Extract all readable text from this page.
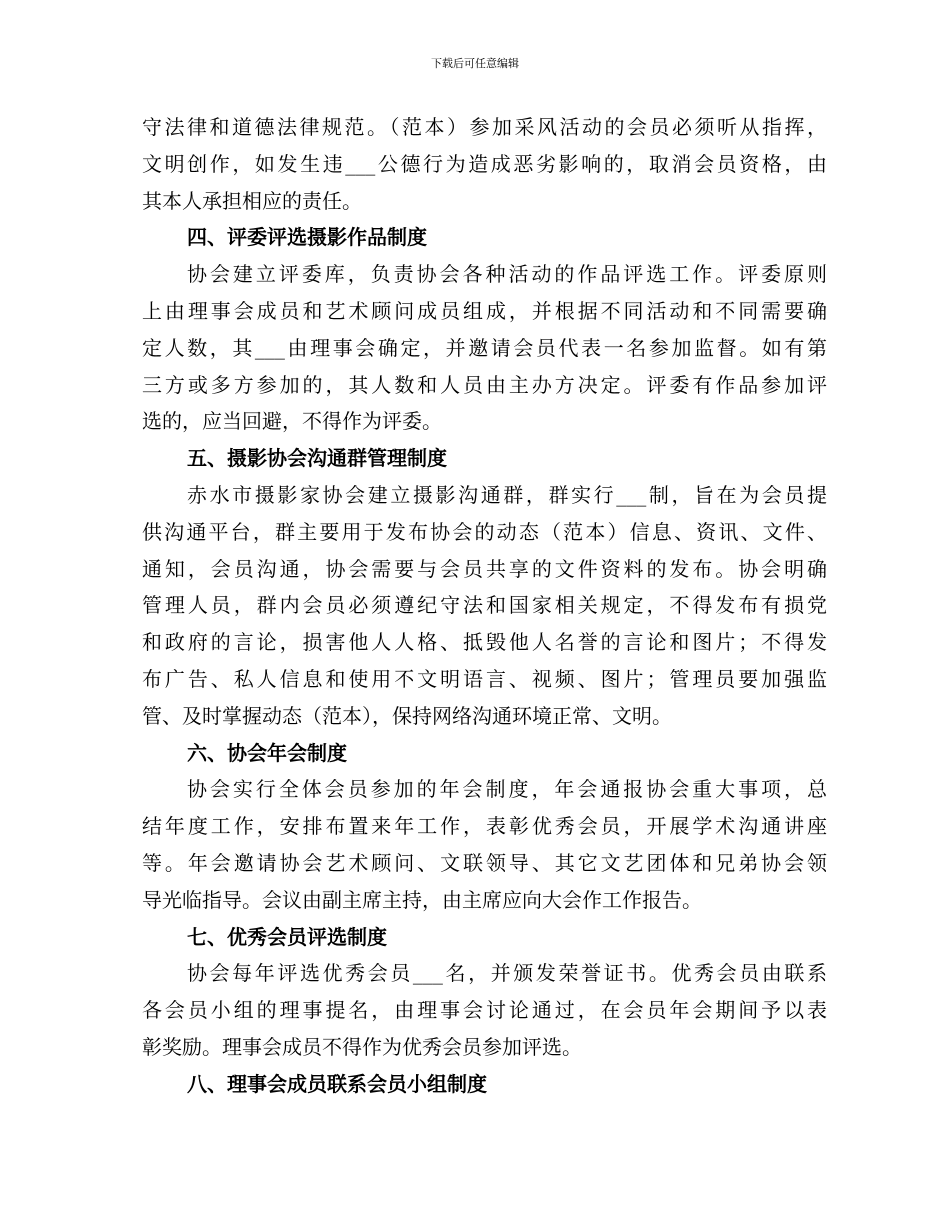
下载后可任意编辑
守法律和道德法律规范。（范本）参加采风活动的会员必须听从指挥，
文明创作，如发生违___公德行为造成恶劣影响的，取消会员资格，由
其本人承担相应的责任。
四、评委评选摄影作品制度
协会建立评委库，负责协会各种活动的作品评选工作。评委原则
上由理事会成员和艺术顾问成员组成，并根据不同活动和不同需要确
定人数，其___由理事会确定，并邀请会员代表一名参加监督。如有第
三方或多方参加的，其人数和人员由主办方决定。评委有作品参加评
选的，应当回避，不得作为评委。
五、摄影协会沟通群管理制度
赤水市摄影家协会建立摄影沟通群，群实行___制，旨在为会员提
供沟通平台，群主要用于发布协会的动态（范本）信息、资讯、文件、
通知，会员沟通，协会需要与会员共享的文件资料的发布。协会明确
管理人员，群内会员必须遵纪守法和国家相关规定，不得发布有损党
和政府的言论，损害他人人格、抵毁他人名誉的言论和图片；不得发
布广告、私人信息和使用不文明语言、视频、图片；管理员要加强监
管、及时掌握动态（范本），保持网络沟通环境正常、文明。
六、协会年会制度
协会实行全体会员参加的年会制度，年会通报协会重大事项，总
结年度工作，安排布置来年工作，表彰优秀会员，开展学术沟通讲座
等。年会邀请协会艺术顾问、文联领导、其它文艺团体和兄弟协会领
导光临指导。会议由副主席主持，由主席应向大会作工作报告。
七、优秀会员评选制度
协会每年评选优秀会员___名，并颁发荣誉证书。优秀会员由联系
各会员小组的理事提名，由理事会讨论通过，在会员年会期间予以表
彰奖励。理事会成员不得作为优秀会员参加评选。
八、理事会成员联系会员小组制度
